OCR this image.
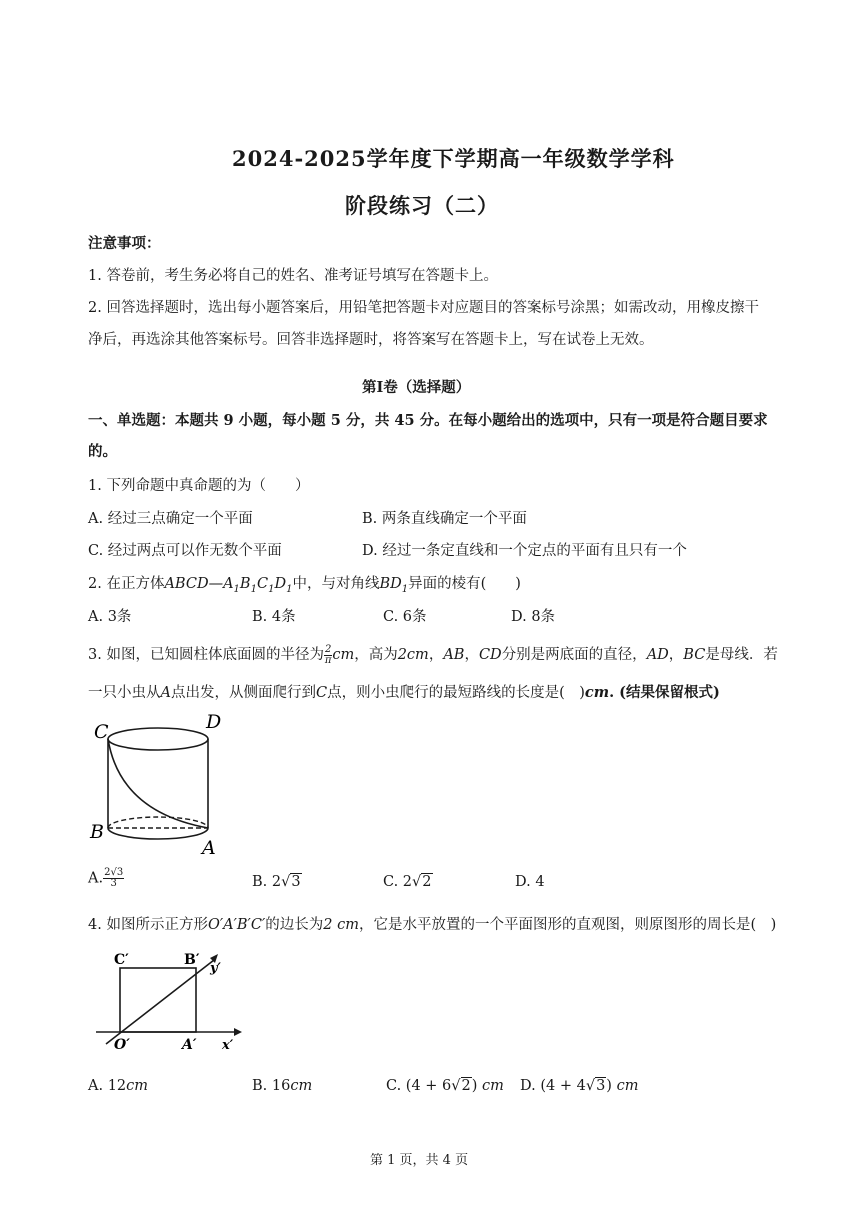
2024-2025学年度下学期高一年级数学学科
阶段练习（二）
注意事项：
1. 答卷前，考生务必将自己的姓名、准考证号填写在答题卡上。
2. 回答选择题时，选出每小题答案后，用铅笔把答题卡对应题目的答案标号涂黑；如需改动，用橡皮擦干
净后，再选涂其他答案标号。回答非选择题时，将答案写在答题卡上，写在试卷上无效。
第I卷（选择题）
一、单选题：本题共 9 小题，每小题 5 分，共 45 分。在每小题给出的选项中，只有一项是符合题目要求
的。
1. 下列命题中真命题的为（　　）
A. 经过三点确定一个平面	B. 两条直线确定一个平面
C. 经过两点可以作无数个平面	D. 经过一条定直线和一个定点的平面有且只有一个
2. 在正方体$ABCD—A_1B_1C_1D_1$中，与对角线$BD_1$异面的棱有(　　)
A. 3条	B. 4条	C. 6条	D. 8条
3. 如图，已知圆柱体底面圆的半径为 $\frac{2}{\pi}$ cm，高为2cm，AB，CD分别是两底面的直径，AD，BC是母线．若
一只小虫从A点出发，从侧面爬行到C点，则小虫爬行的最短路线的长度是(　)cm. (结果保留根式)
C	D
B
A
A. $\frac{2√3}{3}$	B. 2√3	C. 2√2	D. 4
4. 如图所示正方形O′A′B′C′的边长为2 cm，它是水平放置的一个平面图形的直观图，则原图形的周长是(　)
C′	B′
y′
O′	A′ x′
A. 12cm	B. 16cm	C. (4 + 6√2) cm D. (4 + 4√3) cm
第 1 页，共 4 页
